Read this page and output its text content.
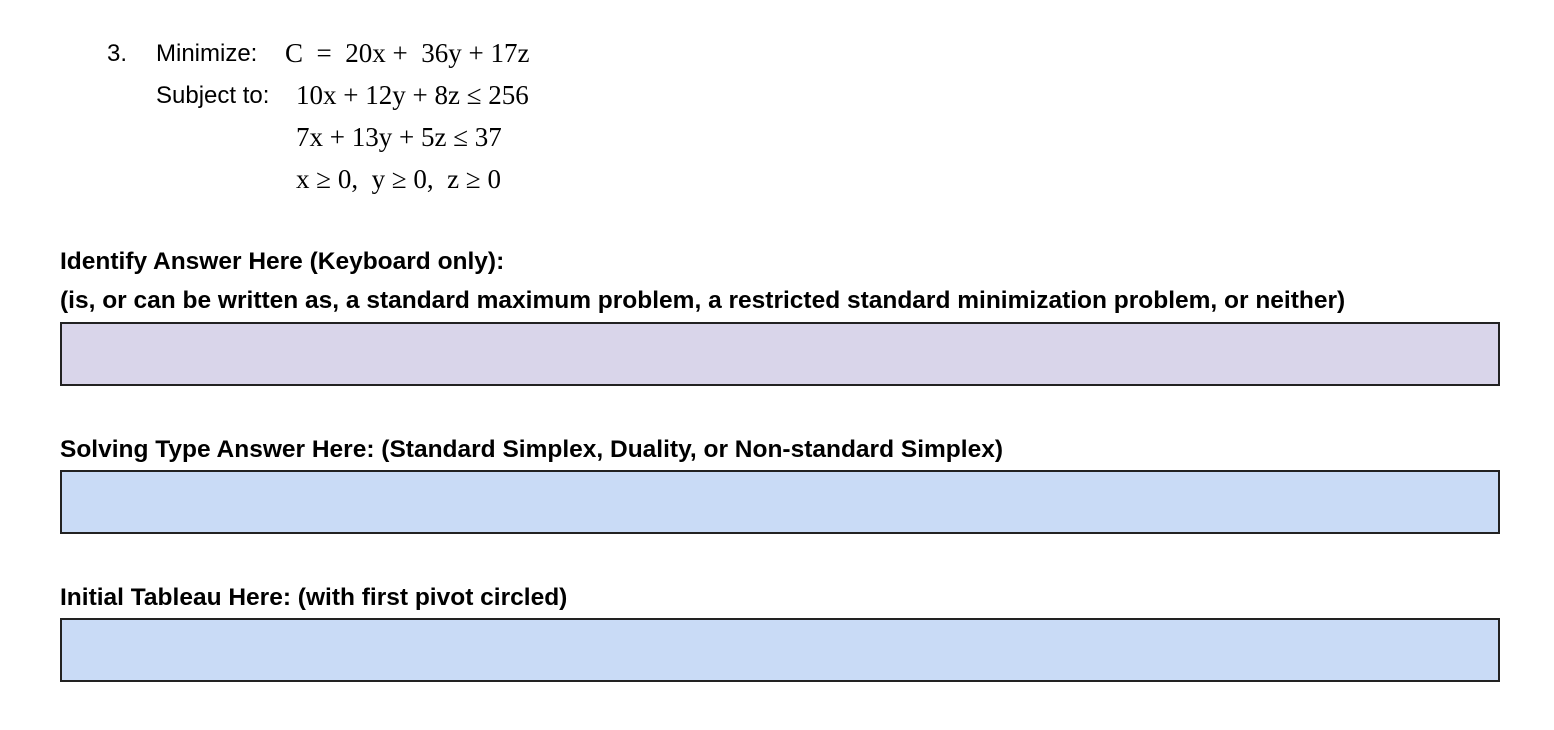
3. Minimize: C  =  20x +  36y + 17z
Subject to: 10x + 12y + 8z ≤ 256
7x + 13y + 5z ≤ 37
x ≥ 0,  y ≥ 0,  z ≥ 0
Identify Answer Here (Keyboard only):
(is, or can be written as, a standard maximum problem, a restricted standard minimization problem, or neither)
Solving Type Answer Here: (Standard Simplex, Duality, or Non-standard Simplex)
Initial Tableau Here: (with first pivot circled)
